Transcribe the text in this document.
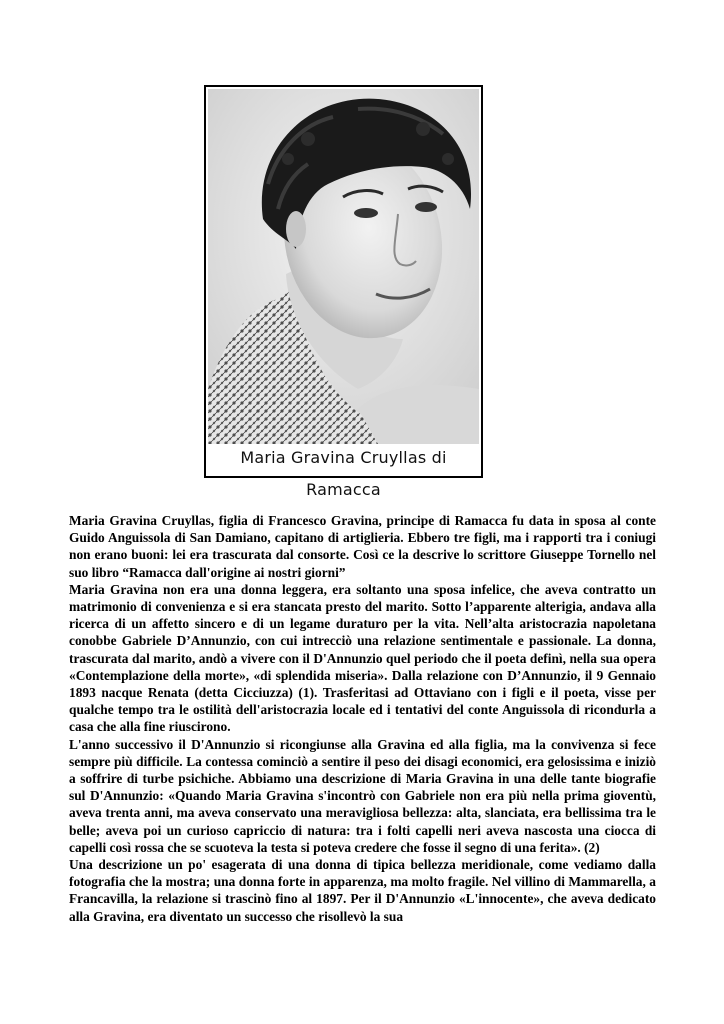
Maria Gravina Cruyllas di Ramacca

Maria Gravina Cruyllas, figlia di Francesco Gravina, principe di Ramacca fu data in sposa al conte Guido Anguissola di San Damiano, capitano di artiglieria. Ebbero tre figli, ma i rapporti tra i coniugi non erano buoni: lei era trascurata dal consorte. Così ce la descrive lo scrittore Giuseppe Tornello nel suo libro “Ramacca dall'origine ai nostri giorni”

Maria Gravina non era una donna leggera, era soltanto una sposa infelice, che aveva contratto un matrimonio di convenienza e si era stancata presto del marito. Sotto l’apparente alterigia, andava alla ricerca di un affetto sincero e di un legame duraturo per la vita. Nell’alta aristocrazia napoletana conobbe Gabriele D’Annunzio, con cui intrecciò una relazione sentimentale e passionale. La donna, trascurata dal marito, andò a vivere con il D'Annunzio quel periodo che il poeta definì, nella sua opera «Contemplazione della morte», «di splendida miseria». Dalla relazione con D’Annunzio, il 9 Gennaio 1893 nacque Renata (detta Cicciuzza) (1). Trasferitasi ad Ottaviano con i figli e il poeta, visse per qualche tempo tra le ostilità dell'aristocrazia locale ed i tentativi del conte Anguissola di ricondurla a casa che alla fine riuscirono.

L'anno successivo il D'Annunzio si ricongiunse alla Gravina ed alla figlia, ma la convivenza si fece sempre più difficile. La contessa cominciò a sentire il peso dei disagi economici, era gelosissima e iniziò a soffrire di turbe psichiche. Abbiamo una descrizione di Maria Gravina in una delle tante biografie sul D'Annunzio: «Quando Maria Gravina s'incontrò con Gabriele non era più nella prima gioventù, aveva trenta anni, ma aveva conservato una meravigliosa bellezza: alta, slanciata, era bellissima tra le belle; aveva poi un curioso capriccio di natura: tra i folti capelli neri aveva nascosta una ciocca di capelli così rossa che se scuoteva la testa si poteva credere che fosse il segno di una ferita». (2)

Una descrizione un po' esagerata di una donna di tipica bellezza meridionale, come vediamo dalla fotografia che la mostra; una donna forte in apparenza, ma molto fragile. Nel villino di Mammarella, a Francavilla, la relazione si trascinò fino al 1897. Per il D'Annunzio «L'innocente», che aveva dedicato alla Gravina, era diventato un successo che risollevò la sua
